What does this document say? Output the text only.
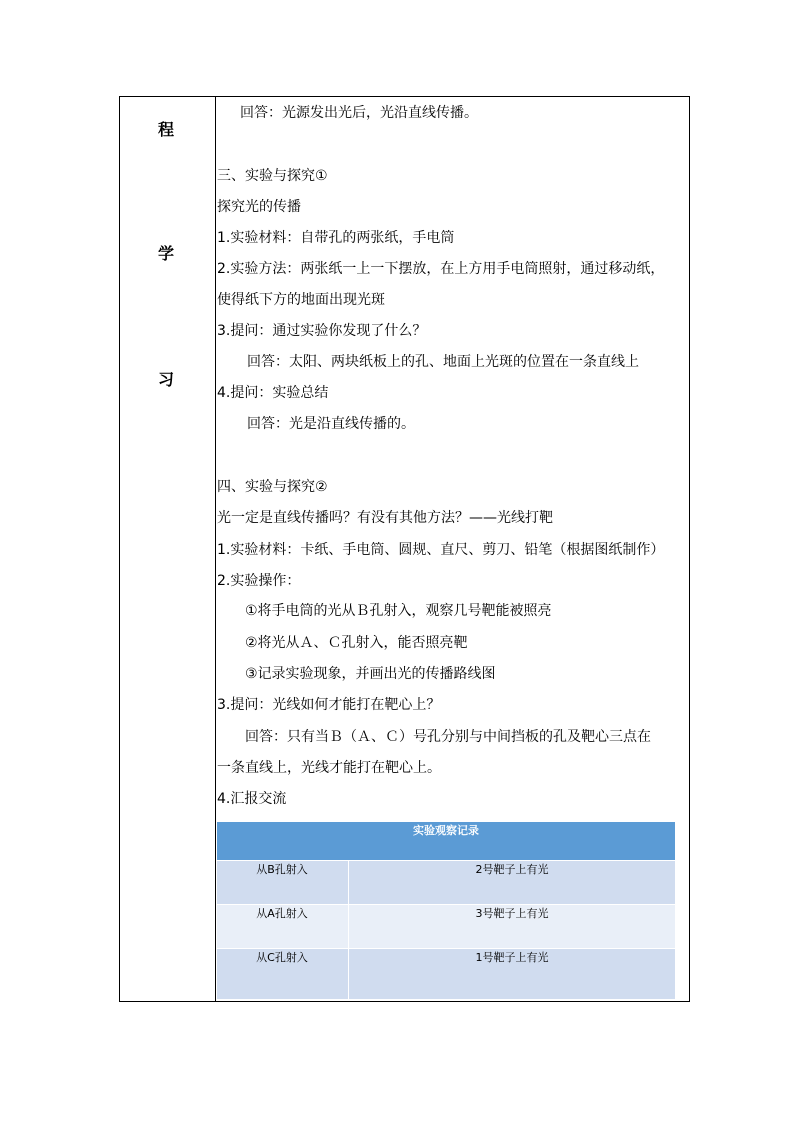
程
学
习
回答：光源发出光后，光沿直线传播。
三、实验与探究①
探究光的传播
1.实验材料：自带孔的两张纸，手电筒
2.实验方法：两张纸一上一下摆放，在上方用手电筒照射，通过移动纸，
使得纸下方的地面出现光斑
3.提问：通过实验你发现了什么？
回答：太阳、两块纸板上的孔、地面上光斑的位置在一条直线上
4.提问：实验总结
回答：光是沿直线传播的。
四、实验与探究②
光一定是直线传播吗？有没有其他方法？——光线打靶
1.实验材料：卡纸、手电筒、圆规、直尺、剪刀、铅笔（根据图纸制作）
2.实验操作：
①将手电筒的光从Ｂ孔射入，观察几号靶能被照亮
②将光从Ａ、Ｃ孔射入，能否照亮靶
③记录实验现象，并画出光的传播路线图
3.提问：光线如何才能打在靶心上？
回答：只有当Ｂ（Ａ、Ｃ）号孔分别与中间挡板的孔及靶心三点在
一条直线上，光线才能打在靶心上。
4.汇报交流
实验观察记录
从B孔射入	2号靶子上有光
从A孔射入	3号靶子上有光
从C孔射入	1号靶子上有光
